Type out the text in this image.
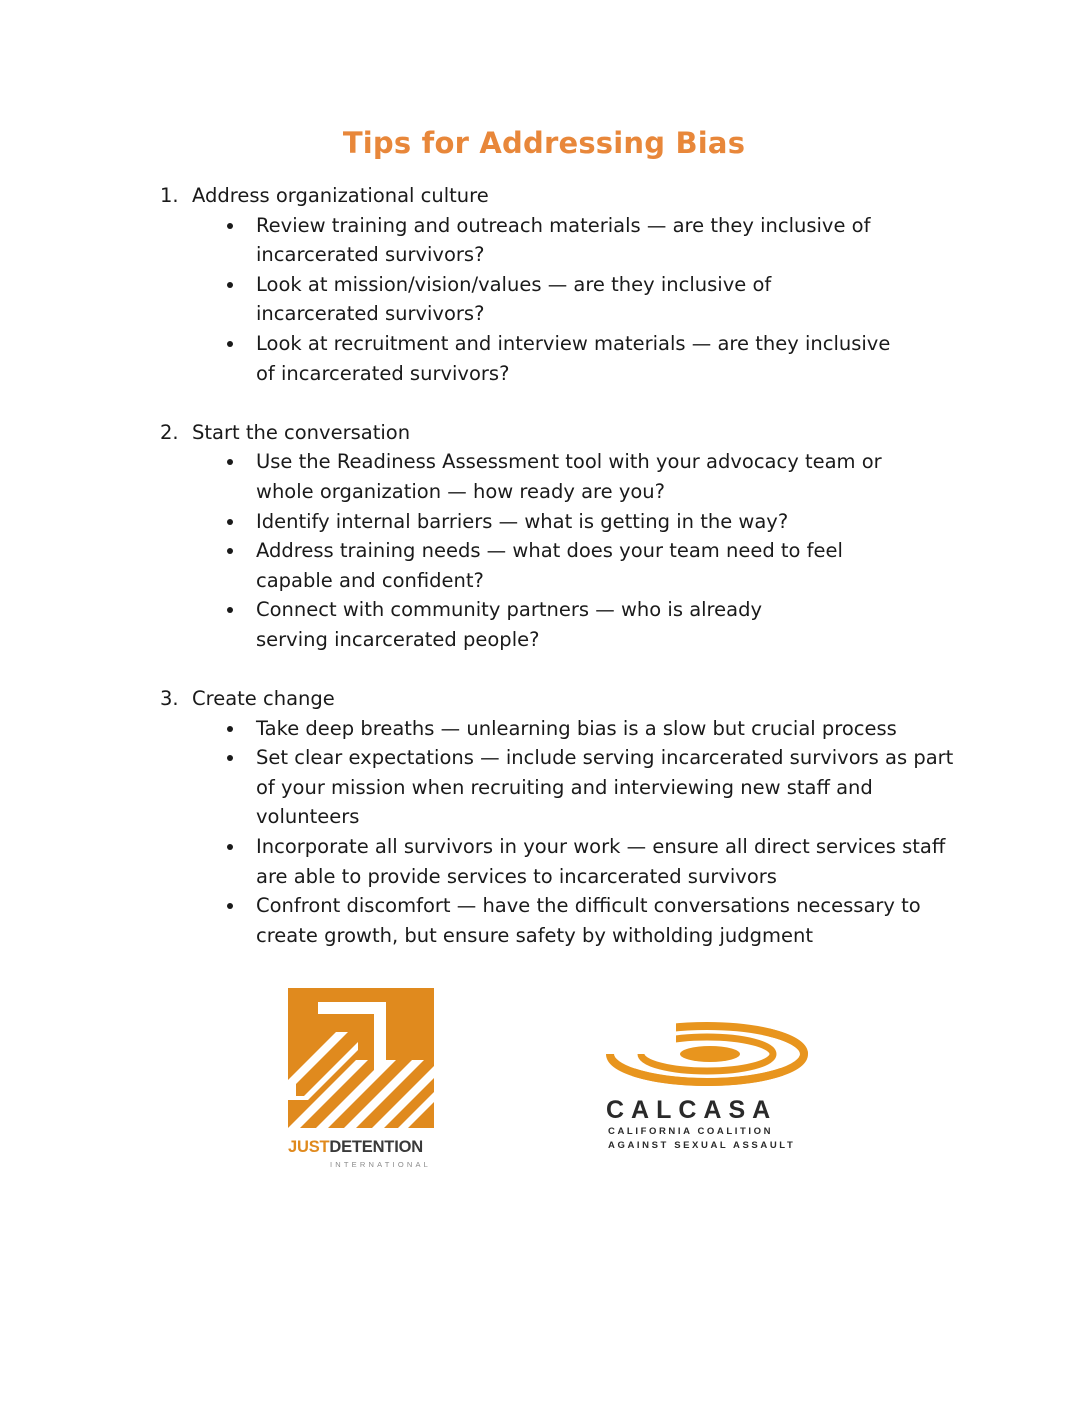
Tips for Addressing Bias
1. Address organizational culture
Review training and outreach materials — are they inclusive of incarcerated survivors?
Look at mission/vision/values — are they inclusive of incarcerated survivors?
Look at recruitment and interview materials — are they inclusive of incarcerated survivors?
2. Start the conversation
Use the Readiness Assessment tool with your advocacy team or whole organization — how ready are you?
Identify internal barriers — what is getting in the way?
Address training needs — what does your team need to feel capable and confident?
Connect with community partners — who is already serving incarcerated people?
3. Create change
Take deep breaths — unlearning bias is a slow but crucial process
Set clear expectations — include serving incarcerated survivors as part of your mission when recruiting and interviewing new staff and volunteers
Incorporate all survivors in your work — ensure all direct services staff are able to provide services to incarcerated survivors
Confront discomfort — have the difficult conversations necessary to create growth, but ensure safety by witholding judgment
JUSTDETENTION
INTERNATIONAL
CALCASA
CALIFORNIA COALITION
AGAINST SEXUAL ASSAULT
